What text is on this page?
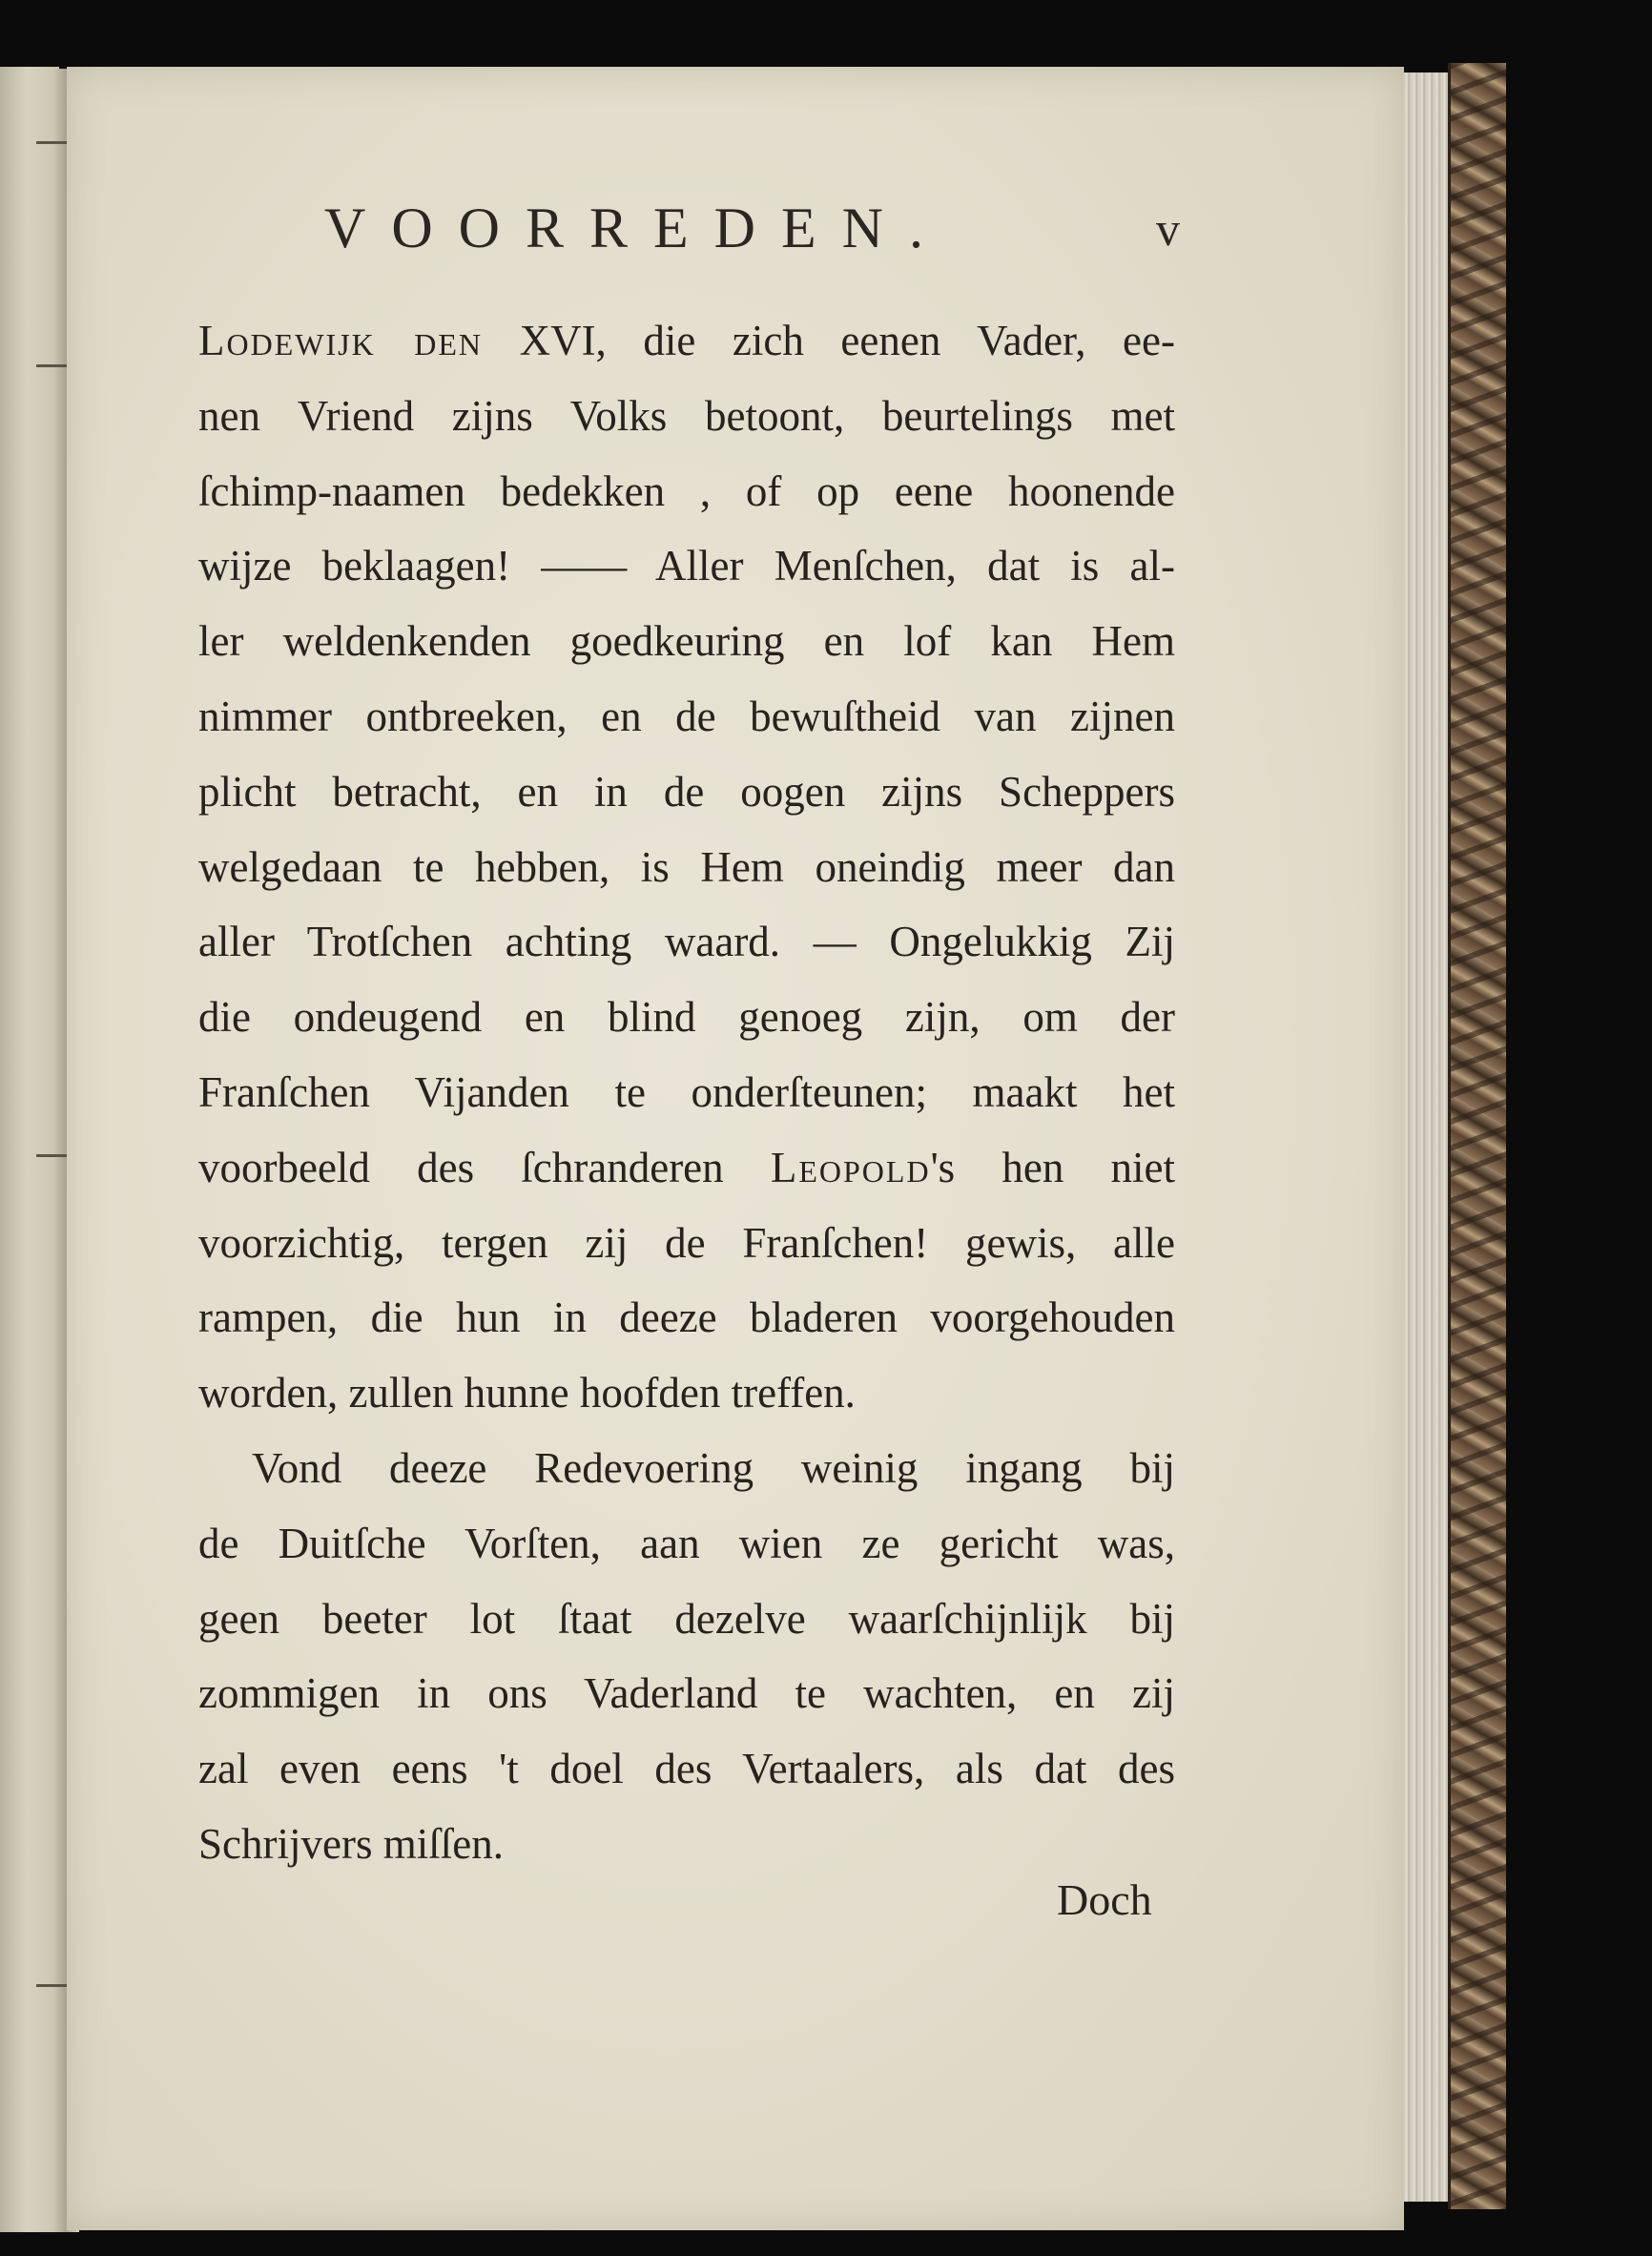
VOORREDEN.	v
Lodewijk den XVI, die zich eenen Vader, ee-
nen Vriend zijns Volks betoont, beurtelings met
ſchimp-naamen bedekken , of op eene hoonende
wijze beklaagen! —— Aller Menſchen, dat is al-
ler weldenkenden goedkeuring en lof kan Hem
nimmer ontbreeken, en de bewuſtheid van zijnen
plicht betracht, en in de oogen zijns Scheppers
welgedaan te hebben, is Hem oneindig meer dan
aller Trotſchen achting waard. — Ongelukkig Zij
die ondeugend en blind genoeg zijn, om der
Franſchen Vijanden te onderſteunen; maakt het
voorbeeld des ſchranderen Leopold's hen niet
voorzichtig, tergen zij de Franſchen! gewis, alle
rampen, die hun in deeze bladeren voorgehouden
worden, zullen hunne hoofden treffen.
Vond deeze Redevoering weinig ingang bij
de Duitſche Vorſten, aan wien ze gericht was,
geen beeter lot ſtaat dezelve waarſchijnlijk bij
zommigen in ons Vaderland te wachten, en zij
zal even eens 't doel des Vertaalers, als dat des
Schrijvers miſſen.
Doch
